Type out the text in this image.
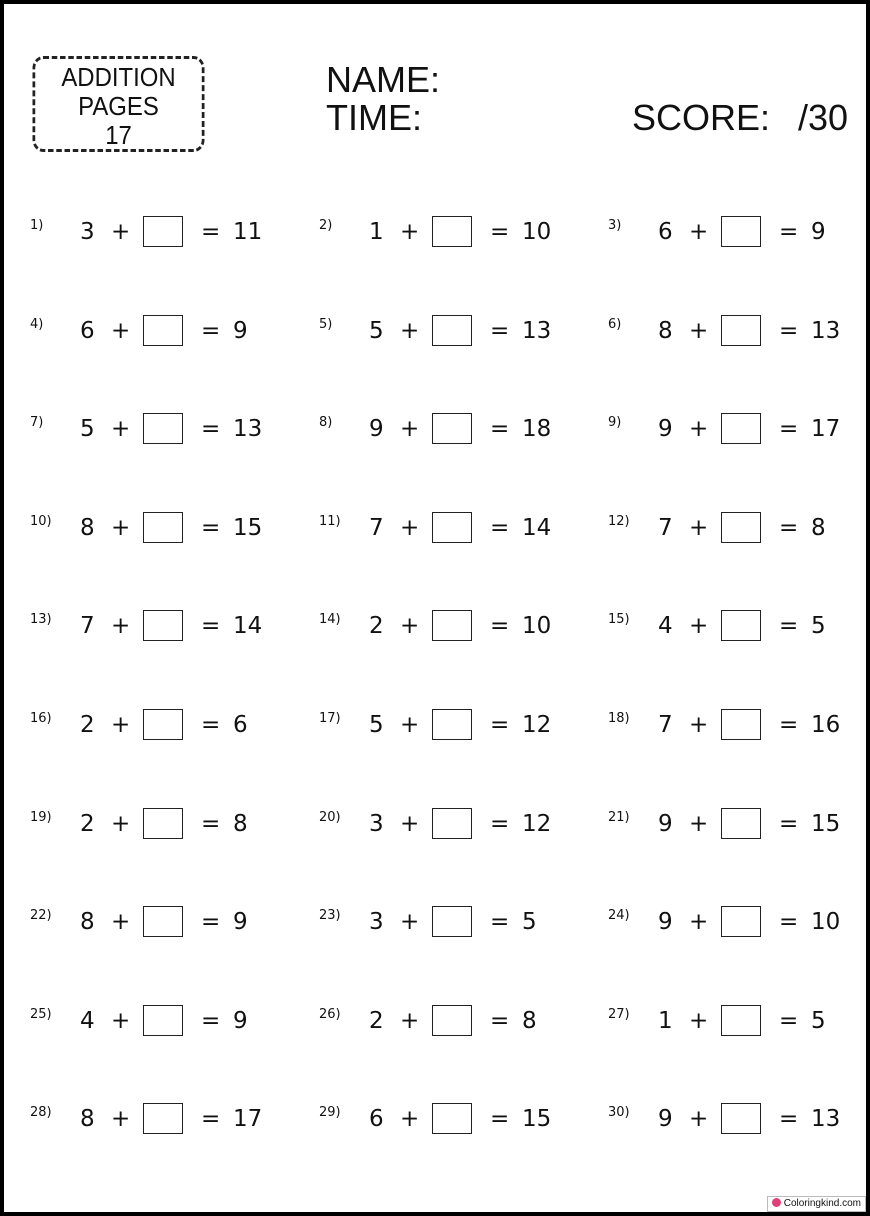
ADDITION
PAGES
17
NAME:
TIME:	SCORE: /30
1) 3 +	= 11	2) 1 +	= 10	3) 6 +	= 9
4) 6 +	= 9	5) 5 +	= 13	6) 8 +	= 13
7) 5 +	= 13	8) 9 +	= 18	9) 9 +	= 17
10) 8 +	= 15	11) 7 +	= 14	12) 7 +	= 8
13) 7 +	= 14	14) 2 +	= 10	15) 4 +	= 5
16) 2 +	= 6	17) 5 +	= 12	18) 7 +	= 16
19) 2 +	= 8	20) 3 +	= 12	21) 9 +	= 15
22) 8 +	= 9	23) 3 +	= 5	24) 9 +	= 10
25) 4 +	= 9	26) 2 +	= 8	27) 1 +	= 5
28) 8 +	= 17	29) 6 +	= 15	30) 9 +	= 13
Coloringkind.com
